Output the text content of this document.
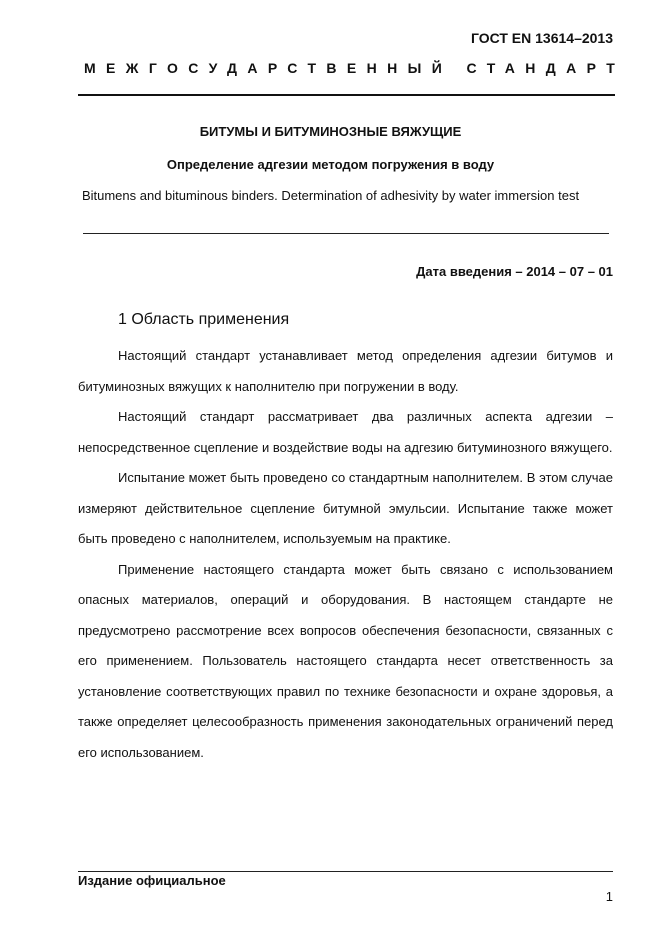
ГОСТ EN 13614–2013
МЕЖГОСУДАРСТВЕННЫЙ СТАНДАРТ
БИТУМЫ И БИТУМИНОЗНЫЕ ВЯЖУЩИЕ
Определение адгезии методом погружения в воду
Bitumens and bituminous binders. Determination of adhesivity by water immersion test
Дата введения – 2014 – 07 – 01
1 Область применения

Настоящий стандарт устанавливает метод определения адгезии битумов и битуминозных вяжущих к наполнителю при погружении в воду.

Настоящий стандарт рассматривает два различных аспекта адгезии – непосредственное сцепление и воздействие воды на адгезию битуминозного вяжущего.

Испытание может быть проведено со стандартным наполнителем. В этом случае измеряют действительное сцепление битумной эмульсии. Испытание также может быть проведено с наполнителем, используемым на практике.

Применение настоящего стандарта может быть связано с использованием опасных материалов, операций и оборудования. В настоящем стандарте не предусмотрено рассмотрение всех вопросов обеспечения безопасности, связанных с его применением. Пользователь настоящего стандарта несет ответственность за установление соответствующих правил по технике безопасности и охране здоровья, а также определяет целесообразность применения законодательных ограничений перед его использованием.

Издание официальное
1
